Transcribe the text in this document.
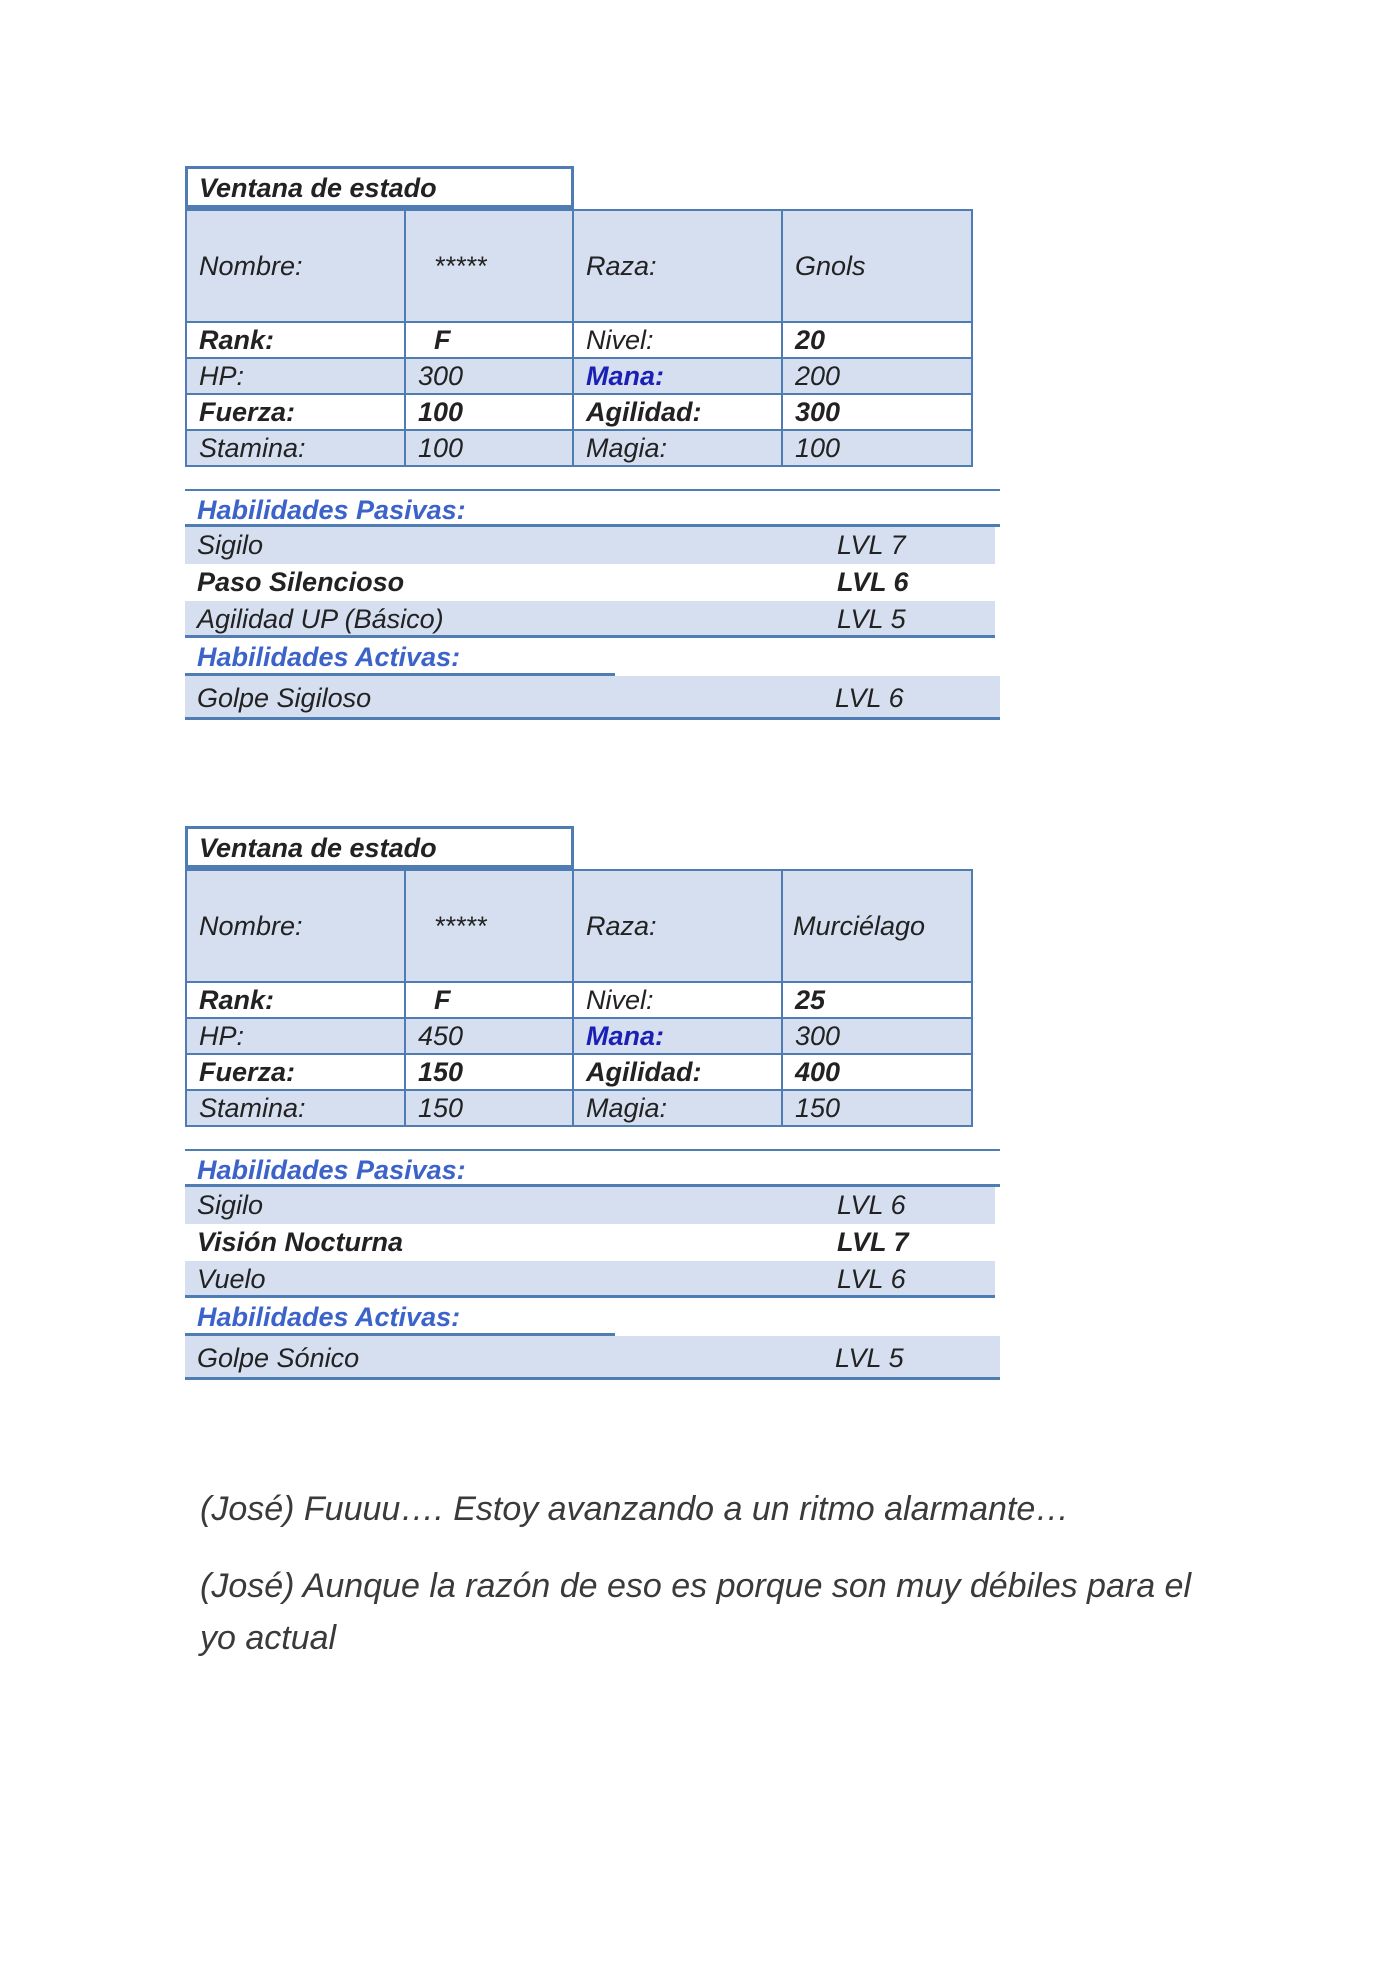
Ventana de estado
Nombre:	*****	Raza:	Gnols
Rank:	F	Nivel:	20
HP:	300	Mana:	200
Fuerza:	100	Agilidad:	300
Stamina:	100	Magia:	100
Habilidades Pasivas:
Sigilo	LVL 7
Paso Silencioso	LVL 6
Agilidad UP (Básico)	LVL 5
Habilidades Activas:
Golpe Sigiloso	LVL 6
Ventana de estado
Nombre:	*****	Raza:	Murciélago
Rank:	F	Nivel:	25
HP:	450	Mana:	300
Fuerza:	150	Agilidad:	400
Stamina:	150	Magia:	150
Habilidades Pasivas:
Sigilo	LVL 6
Visión Nocturna	LVL 7
Vuelo	LVL 6
Habilidades Activas:
Golpe Sónico	LVL 5
(José) Fuuuu…. Estoy avanzando a un ritmo alarmante…
(José) Aunque la razón de eso es porque son muy débiles para el yo actual
